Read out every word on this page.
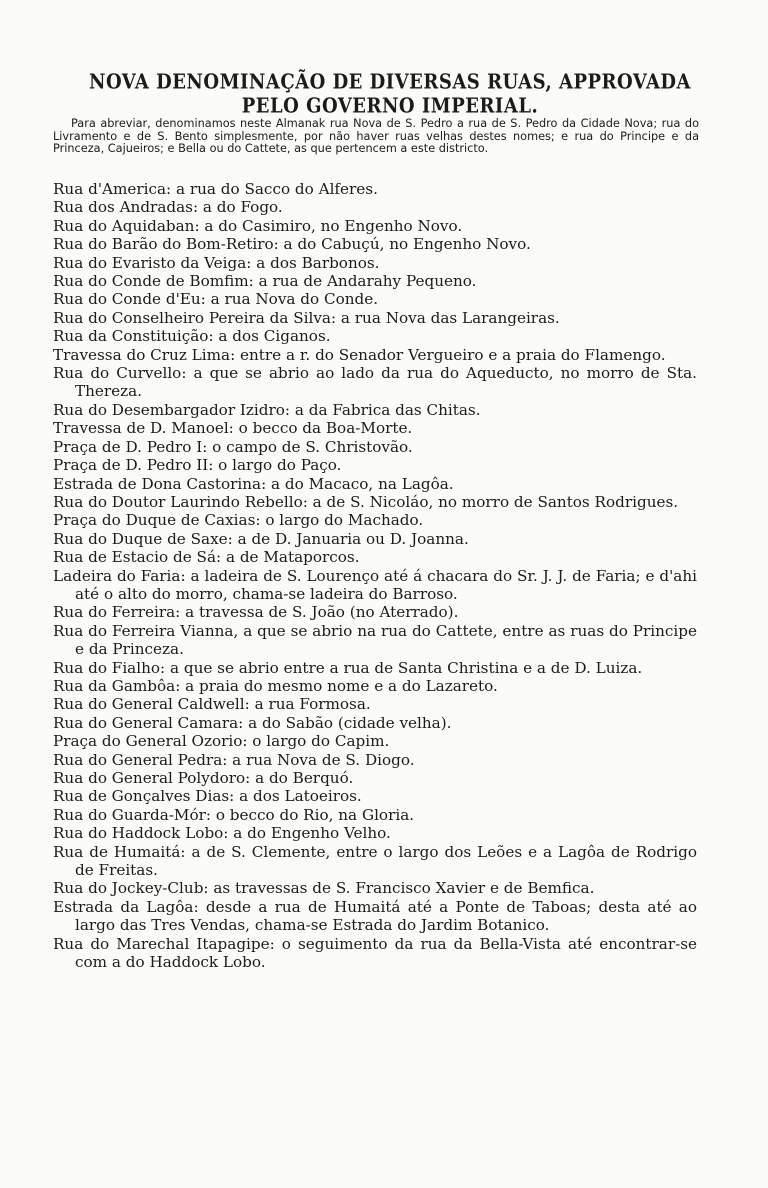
NOVA DENOMINAÇÃO DE DIVERSAS RUAS, APPROVADA PELO GOVERNO IMPERIAL.

Para abreviar, denominamos neste Almanak rua Nova de S. Pedro a rua de S. Pedro da Cidade Nova; rua do Livramento e de S. Bento simplesmente, por não haver ruas velhas destes nomes; e rua do Principe e da Princeza, Cajueiros; e Bella ou do Cattete, as que pertencem a este districto.

Rua d'America: a rua do Sacco do Alferes.
Rua dos Andradas: a do Fogo.
Rua do Aquidaban: a do Casimiro, no Engenho Novo.
Rua do Barão do Bom-Retiro: a do Cabuçú, no Engenho Novo.
Rua do Evaristo da Veiga: a dos Barbonos.
Rua do Conde de Bomfim: a rua de Andarahy Pequeno.
Rua do Conde d'Eu: a rua Nova do Conde.
Rua do Conselheiro Pereira da Silva: a rua Nova das Larangeiras.
Rua da Constituição: a dos Ciganos.
Travessa do Cruz Lima: entre a r. do Senador Vergueiro e a praia do Flamengo.
Rua do Curvello: a que se abrio ao lado da rua do Aqueducto, no morro de Sta. Thereza.
Rua do Desembargador Izidro: a da Fabrica das Chitas.
Travessa de D. Manoel: o becco da Boa-Morte.
Praça de D. Pedro I: o campo de S. Christovão.
Praça de D. Pedro II: o largo do Paço.
Estrada de Dona Castorina: a do Macaco, na Lagôa.
Rua do Doutor Laurindo Rebello: a de S. Nicoláo, no morro de Santos Rodrigues.
Praça do Duque de Caxias: o largo do Machado.
Rua do Duque de Saxe: a de D. Januaria ou D. Joanna.
Rua de Estacio de Sá: a de Mataporcos.
Ladeira do Faria: a ladeira de S. Lourenço até á chacara do Sr. J. J. de Faria; e d'ahi até o alto do morro, chama-se ladeira do Barroso.
Rua do Ferreira: a travessa de S. João (no Aterrado).
Rua do Ferreira Vianna, a que se abrio na rua do Cattete, entre as ruas do Principe e da Princeza.
Rua do Fialho: a que se abrio entre a rua de Santa Christina e a de D. Luiza.
Rua da Gambôa: a praia do mesmo nome e a do Lazareto.
Rua do General Caldwell: a rua Formosa.
Rua do General Camara: a do Sabão (cidade velha).
Praça do General Ozorio: o largo do Capim.
Rua do General Pedra: a rua Nova de S. Diogo.
Rua do General Polydoro: a do Berquó.
Rua de Gonçalves Dias: a dos Latoeiros.
Rua do Guarda-Mór: o becco do Rio, na Gloria.
Rua do Haddock Lobo: a do Engenho Velho.
Rua de Humaitá: a de S. Clemente, entre o largo dos Leões e a Lagôa de Rodrigo de Freitas.
Rua do Jockey-Club: as travessas de S. Francisco Xavier e de Bemfica.
Estrada da Lagôa: desde a rua de Humaitá até a Ponte de Taboas; desta até ao largo das Tres Vendas, chama-se Estrada do Jardim Botanico.
Rua do Marechal Itapagipe: o seguimento da rua da Bella-Vista até encontrar-se com a do Haddock Lobo.
